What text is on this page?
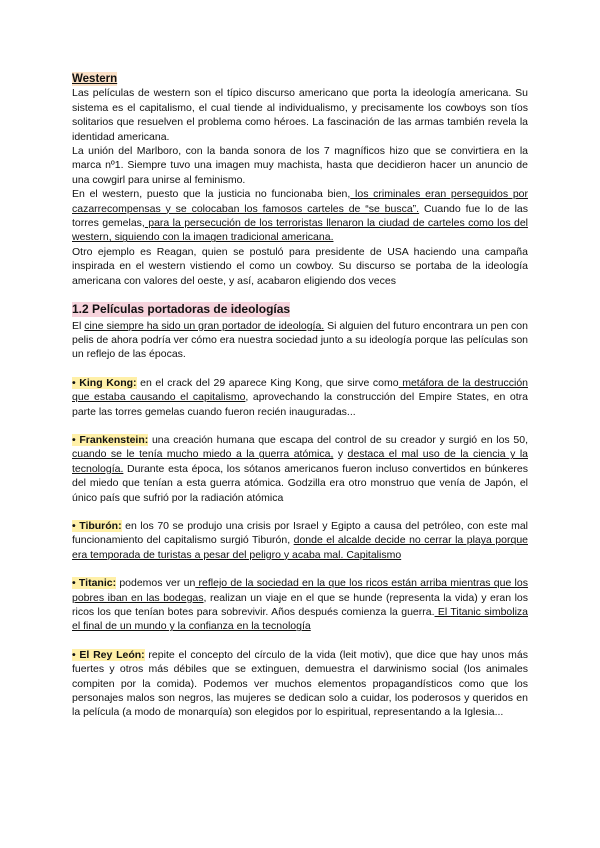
Western

Las películas de western son el típico discurso americano que porta la ideología americana. Su sistema es el capitalismo, el cual tiende al individualismo, y precisamente los cowboys son tíos solitarios que resuelven el problema como héroes. La fascinación de las armas también revela la identidad americana.

La unión del Marlboro, con la banda sonora de los 7 magníficos hizo que se convirtiera en la marca nº1. Siempre tuvo una imagen muy machista, hasta que decidieron hacer un anuncio de una cowgirl para unirse al feminismo.

En el western, puesto que la justicia no funcionaba bien, los criminales eran perseguidos por cazarrecompensas y se colocaban los famosos carteles de “se busca”. Cuando fue lo de las torres gemelas, para la persecución de los terroristas llenaron la ciudad de carteles como los del western, siguiendo con la imagen tradicional americana.

Otro ejemplo es Reagan, quien se postuló para presidente de USA haciendo una campaña inspirada en el western vistiendo el como un cowboy. Su discurso se portaba de la ideología americana con valores del oeste, y así, acabaron eligiendo dos veces

1.2 Películas portadoras de ideologías

El cine siempre ha sido un gran portador de ideología. Si alguien del futuro encontrara un pen con pelis de ahora podría ver cómo era nuestra sociedad junto a su ideología porque las películas son un reflejo de las épocas.

• King Kong: en el crack del 29 aparece King Kong, que sirve como metáfora de la destrucción que estaba causando el capitalismo, aprovechando la construcción del Empire States, en otra parte las torres gemelas cuando fueron recién inauguradas...

• Frankenstein: una creación humana que escapa del control de su creador y surgió en los 50, cuando se le tenía mucho miedo a la guerra atómica, y destaca el mal uso de la ciencia y la tecnología. Durante esta época, los sótanos americanos fueron incluso convertidos en búnkeres del miedo que tenían a esta guerra atómica. Godzilla era otro monstruo que venía de Japón, el único país que sufrió por la radiación atómica

• Tiburón: en los 70 se produjo una crisis por Israel y Egipto a causa del petróleo, con este mal funcionamiento del capitalismo surgió Tiburón, donde el alcalde decide no cerrar la playa porque era temporada de turistas a pesar del peligro y acaba mal. Capitalismo

• Titanic: podemos ver un reflejo de la sociedad en la que los ricos están arriba mientras que los pobres iban en las bodegas, realizan un viaje en el que se hunde (representa la vida) y eran los ricos los que tenían botes para sobrevivir. Años después comienza la guerra. El Titanic simboliza el final de un mundo y la confianza en la tecnología

• El Rey León: repite el concepto del círculo de la vida (leit motiv), que dice que hay unos más fuertes y otros más débiles que se extinguen, demuestra el darwinismo social (los animales compiten por la comida). Podemos ver muchos elementos propagandísticos como que los personajes malos son negros, las mujeres se dedican solo a cuidar, los poderosos y queridos en la película (a modo de monarquía) son elegidos por lo espiritual, representando a la Iglesia...
